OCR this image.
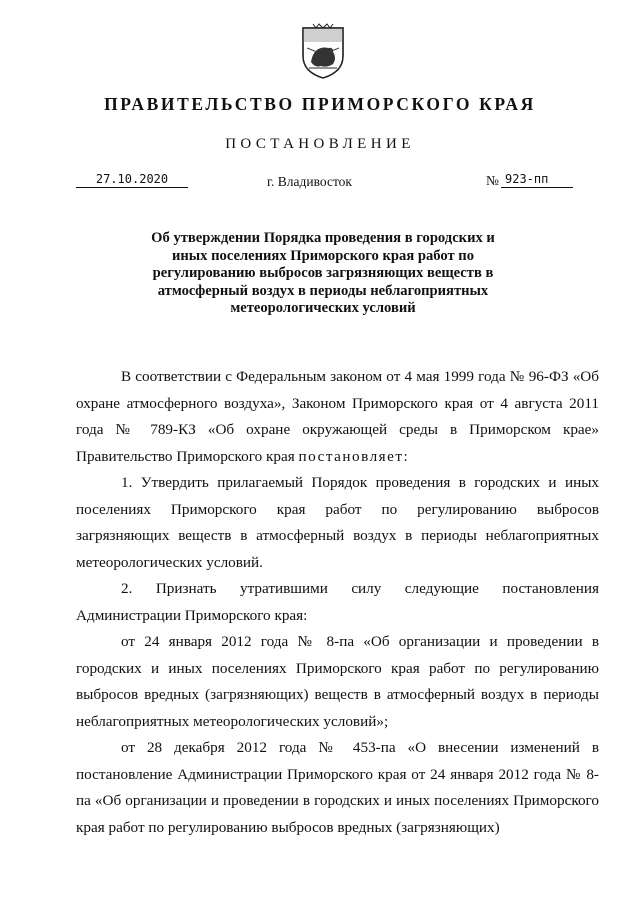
ПРАВИТЕЛЬСТВО ПРИМОРСКОГО КРАЯ
ПОСТАНОВЛЕНИЕ
27.10.2020	г. Владивосток	№ 923-пп
Об утверждении Порядка проведения в городских и иных поселениях Приморского края работ по регулированию выбросов загрязняющих веществ в атмосферный воздух в периоды неблагоприятных метеорологических условий

В соответствии с Федеральным законом от 4 мая 1999 года № 96-ФЗ «Об охране атмосферного воздуха», Законом Приморского края от 4 августа 2011 года № 789-КЗ «Об охране окружающей среды в Приморском крае» Правительство Приморского края постановляет:

1. Утвердить прилагаемый Порядок проведения в городских и иных поселениях Приморского края работ по регулированию выбросов загрязняющих веществ в атмосферный воздух в периоды неблагоприятных метеорологических условий.

2. Признать утратившими силу следующие постановления Администрации Приморского края:

от 24 января 2012 года № 8-па «Об организации и проведении в городских и иных поселениях Приморского края работ по регулированию выбросов вредных (загрязняющих) веществ в атмосферный воздух в периоды неблагоприятных метеорологических условий»;

от 28 декабря 2012 года № 453-па «О внесении изменений в постановление Администрации Приморского края от 24 января 2012 года № 8-па «Об организации и проведении в городских и иных поселениях Приморского края работ по регулированию выбросов вредных (загрязняющих)
